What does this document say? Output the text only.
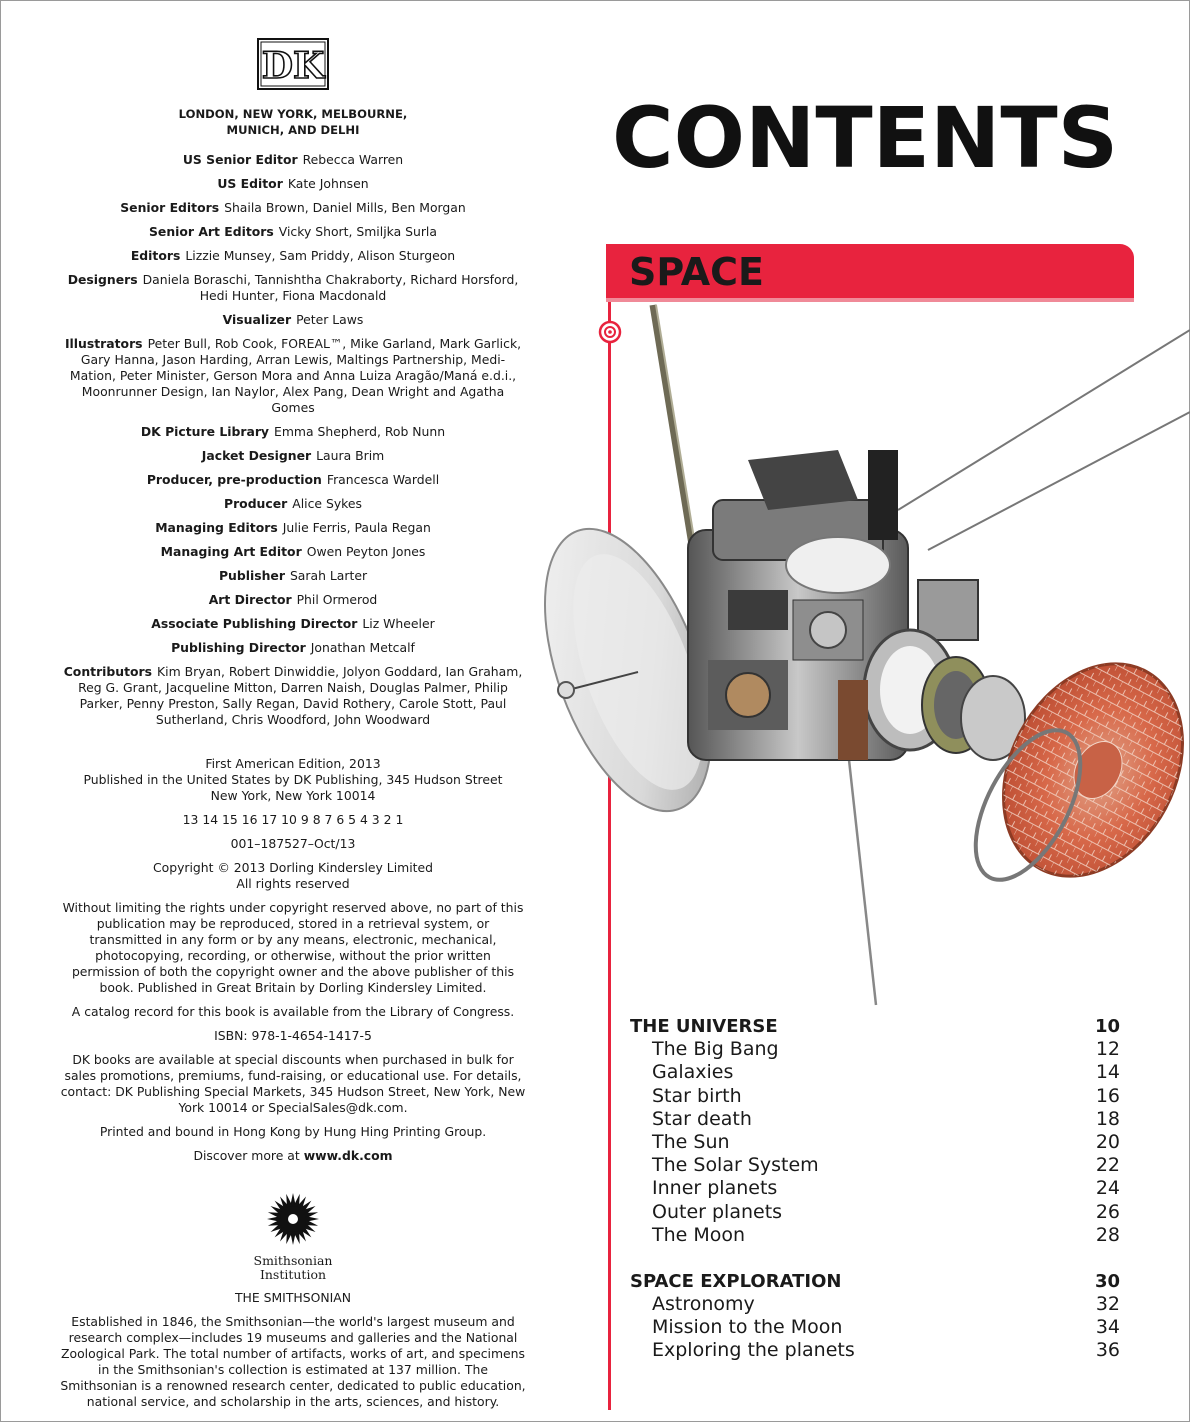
DK
LONDON, NEW YORK, MELBOURNE,
MUNICH, AND DELHI
US Senior Editor Rebecca Warren
US Editor Kate Johnsen
Senior Editors Shaila Brown, Daniel Mills, Ben Morgan
Senior Art Editors Vicky Short, Smiljka Surla
Editors Lizzie Munsey, Sam Priddy, Alison Sturgeon
Designers Daniela Boraschi, Tannishtha Chakraborty, Richard Horsford, Hedi Hunter, Fiona Macdonald
Visualizer Peter Laws
Illustrators Peter Bull, Rob Cook, FOREAL™, Mike Garland, Mark Garlick, Gary Hanna, Jason Harding, Arran Lewis, Maltings Partnership, Medi-Mation, Peter Minister, Gerson Mora and Anna Luiza Aragão/Maná e.d.i., Moonrunner Design, Ian Naylor, Alex Pang, Dean Wright and Agatha Gomes
DK Picture Library Emma Shepherd, Rob Nunn
Jacket Designer Laura Brim
Producer, pre-production Francesca Wardell
Producer Alice Sykes
Managing Editors Julie Ferris, Paula Regan
Managing Art Editor Owen Peyton Jones
Publisher Sarah Larter
Art Director Phil Ormerod
Associate Publishing Director Liz Wheeler
Publishing Director Jonathan Metcalf
Contributors Kim Bryan, Robert Dinwiddie, Jolyon Goddard, Ian Graham, Reg G. Grant, Jacqueline Mitton, Darren Naish, Douglas Palmer, Philip Parker, Penny Preston, Sally Regan, David Rothery, Carole Stott, Paul Sutherland, Chris Woodford, John Woodward
First American Edition, 2013
Published in the United States by DK Publishing, 345 Hudson Street
New York, New York 10014
13 14 15 16 17 10 9 8 7 6 5 4 3 2 1
001–187527–Oct/13
Copyright © 2013 Dorling Kindersley Limited
All rights reserved
Without limiting the rights under copyright reserved above, no part of this publication may be reproduced, stored in a retrieval system, or transmitted in any form or by any means, electronic, mechanical, photocopying, recording, or otherwise, without the prior written permission of both the copyright owner and the above publisher of this book. Published in Great Britain by Dorling Kindersley Limited.
A catalog record for this book is available from the Library of Congress.
ISBN: 978-1-4654-1417-5
DK books are available at special discounts when purchased in bulk for sales promotions, premiums, fund-raising, or educational use. For details, contact: DK Publishing Special Markets, 345 Hudson Street, New York, New York 10014 or SpecialSales@dk.com.
Printed and bound in Hong Kong by Hung Hing Printing Group.
Discover more at www.dk.com
Smithsonian
Institution
THE SMITHSONIAN
Established in 1846, the Smithsonian—the world's largest museum and research complex—includes 19 museums and galleries and the National Zoological Park. The total number of artifacts, works of art, and specimens in the Smithsonian's collection is estimated at 137 million. The Smithsonian is a renowned research center, dedicated to public education, national service, and scholarship in the arts, sciences, and history.
CONTENTS
SPACE
THE UNIVERSE	10
The Big Bang	12
Galaxies	14
Star birth	16
Star death	18
The Sun	20
The Solar System	22
Inner planets	24
Outer planets	26
The Moon	28
SPACE EXPLORATION	30
Astronomy	32
Mission to the Moon	34
Exploring the planets	36
